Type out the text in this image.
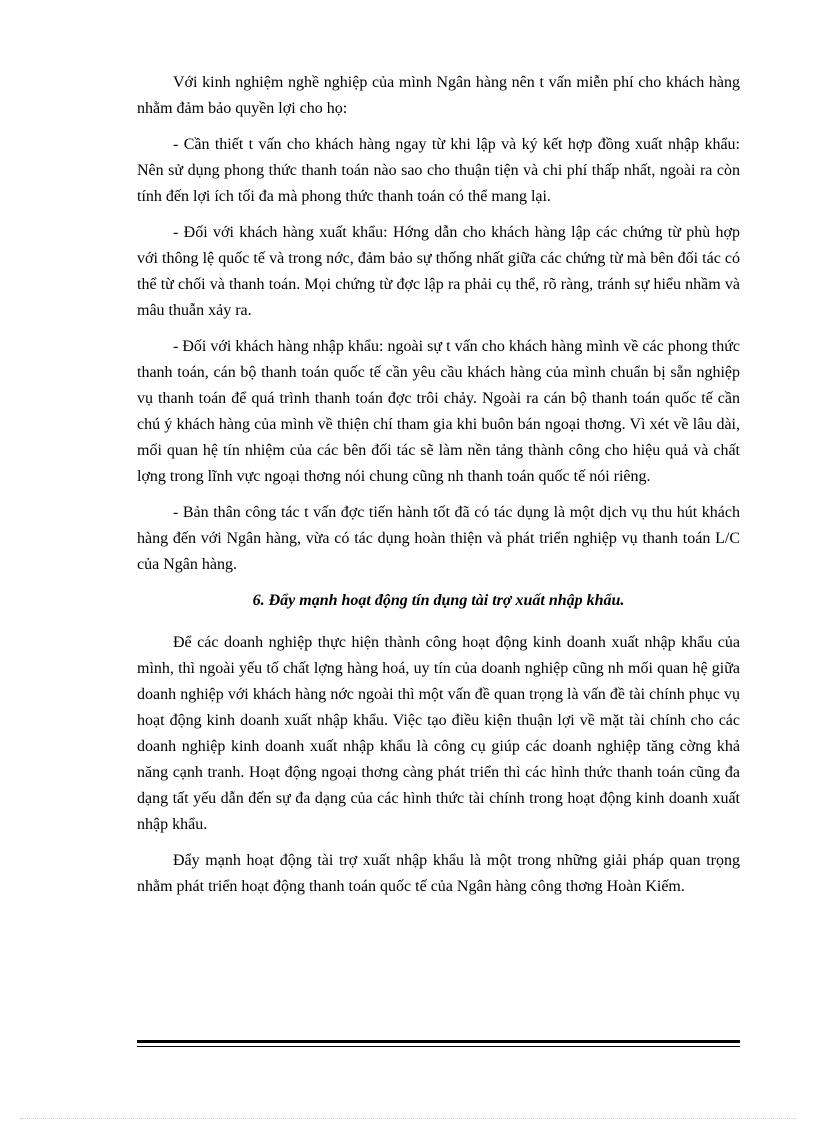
Với kinh nghiệm nghề nghiệp của mình Ngân hàng nên t vấn miễn phí cho khách hàng nhằm đảm bảo quyền lợi cho họ:

- Cần thiết t vấn cho khách hàng ngay từ khi lập và ký kết hợp đồng xuất nhập khẩu: Nên sử dụng phong thức thanh toán nào sao cho thuận tiện và chi phí thấp nhất, ngoài ra còn tính đến lợi ích tối đa mà phong thức thanh toán có thể mang lại.

- Đối với khách hàng xuất khẩu: Hớng dẫn cho khách hàng lập các chứng từ phù hợp với thông lệ quốc tế và trong nớc, đảm bảo sự thống nhất giữa các chứng từ mà bên đối tác có thể từ chối và thanh toán. Mọi chứng từ đợc lập ra phải cụ thể, rõ ràng, tránh sự hiểu nhầm và mâu thuẫn xảy ra.

- Đối với khách hàng nhập khẩu: ngoài sự t vấn cho khách hàng mình về các phong thức thanh toán, cán bộ thanh toán quốc tế cần yêu cầu khách hàng của mình chuẩn bị sẵn nghiệp vụ thanh toán để quá trình thanh toán đợc trôi chảy. Ngoài ra cán bộ thanh toán quốc tế cần chú ý khách hàng của mình về thiện chí tham gia khi buôn bán ngoại thơng. Vì xét về lâu dài, mối quan hệ tín nhiệm của các bên đối tác sẽ làm nền tảng thành công cho hiệu quả và chất lợng trong lĩnh vực ngoại thơng nói chung cũng nh thanh toán quốc tế nói riêng.

- Bản thân công tác t vấn đợc tiến hành tốt đã có tác dụng là một dịch vụ thu hút khách hàng đến với Ngân hàng, vừa có tác dụng hoàn thiện và phát triển nghiệp vụ thanh toán L/C của Ngân hàng.

6. Đẩy mạnh hoạt động tín dụng tài trợ xuất nhập khẩu.

Để các doanh nghiệp thực hiện thành công hoạt động kinh doanh xuất nhập khẩu của mình, thì ngoài yếu tố chất lợng hàng hoá, uy tín của doanh nghiệp cũng nh mối quan hệ giữa doanh nghiệp với khách hàng nớc ngoài thì một vấn đề quan trọng là vấn đề tài chính phục vụ hoạt động kinh doanh xuất nhập khẩu. Việc tạo điều kiện thuận lợi về mặt tài chính cho các doanh nghiệp kinh doanh xuất nhập khẩu là công cụ giúp các doanh nghiệp tăng cờng khả năng cạnh tranh. Hoạt động ngoại thơng càng phát triển thì các hình thức thanh toán cũng đa dạng tất yếu dẫn đến sự đa dạng của các hình thức tài chính trong hoạt động kinh doanh xuất nhập khẩu.

Đẩy mạnh hoạt động tài trợ xuất nhập khẩu là một trong những giải pháp quan trọng nhằm phát triển hoạt động thanh toán quốc tế của Ngân hàng công thơng Hoàn Kiếm.
